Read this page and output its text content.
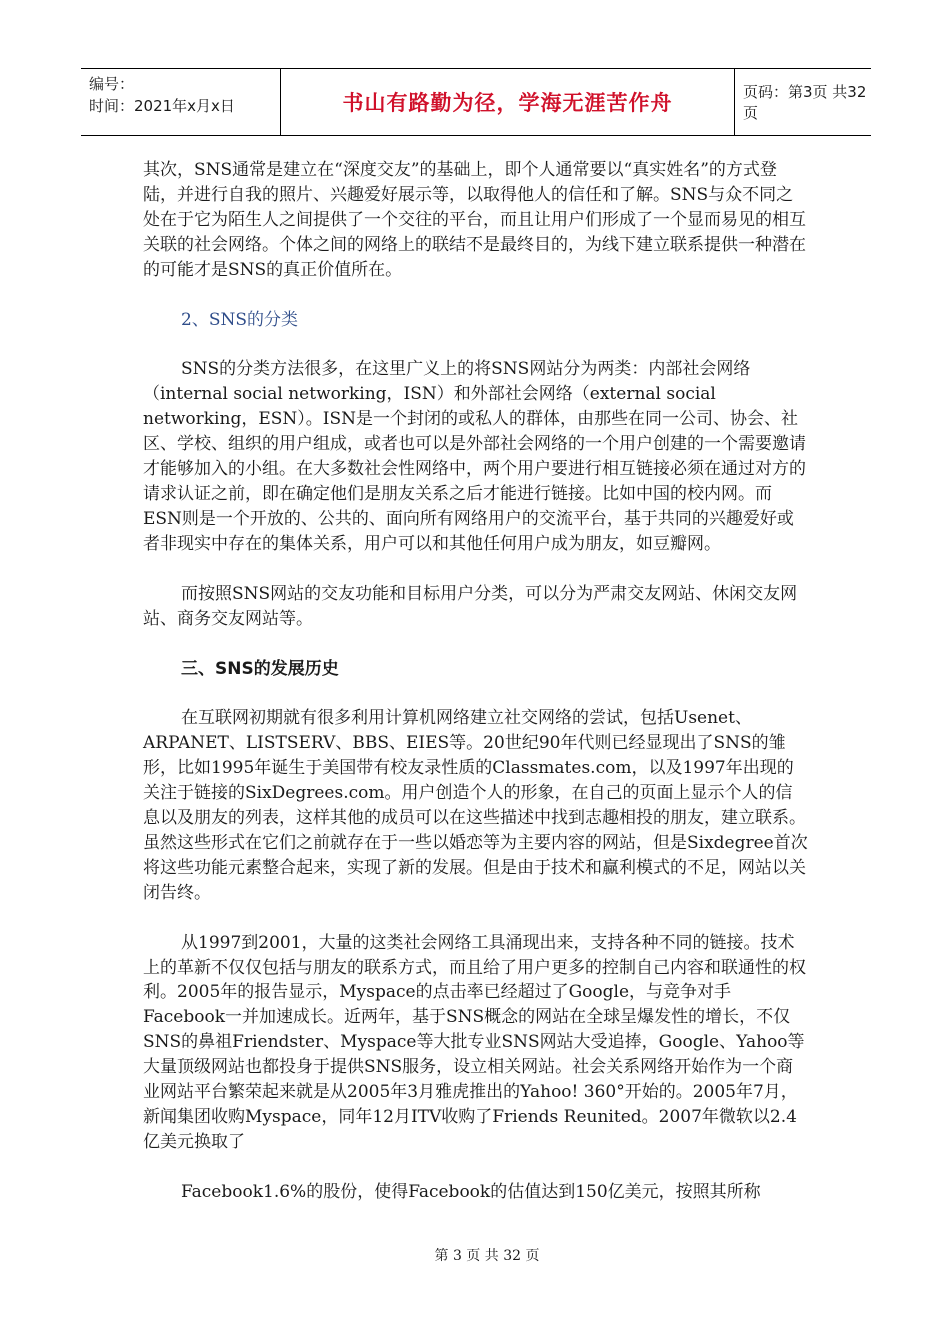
编号：
时间：2021年x月x日	书山有路勤为径，学海无涯苦作舟	页码：第3页 共32页

其次，SNS通常是建立在“深度交友”的基础上，即个人通常要以“真实姓名”的方式登陆，并进行自我的照片、兴趣爱好展示等，以取得他人的信任和了解。SNS与众不同之处在于它为陌生人之间提供了一个交往的平台，而且让用户们形成了一个显而易见的相互关联的社会网络。个体之间的网络上的联结不是最终目的，为线下建立联系提供一种潜在的可能才是SNS的真正价值所在。

2、SNS的分类

SNS的分类方法很多，在这里广义上的将SNS网站分为两类：内部社会网络（internal social networking，ISN）和外部社会网络（external social networking，ESN）。ISN是一个封闭的或私人的群体，由那些在同一公司、协会、社区、学校、组织的用户组成，或者也可以是外部社会网络的一个用户创建的一个需要邀请才能够加入的小组。在大多数社会性网络中，两个用户要进行相互链接必须在通过对方的请求认证之前，即在确定他们是朋友关系之后才能进行链接。比如中国的校内网。而ESN则是一个开放的、公共的、面向所有网络用户的交流平台，基于共同的兴趣爱好或者非现实中存在的集体关系，用户可以和其他任何用户成为朋友，如豆瓣网。

而按照SNS网站的交友功能和目标用户分类，可以分为严肃交友网站、休闲交友网站、商务交友网站等。

三、SNS的发展历史

在互联网初期就有很多利用计算机网络建立社交网络的尝试，包括Usenet、ARPANET、LISTSERV、BBS、EIES等。20世纪90年代则已经显现出了SNS的雏形，比如1995年诞生于美国带有校友录性质的Classmates.com，以及1997年出现的关注于链接的SixDegrees.com。用户创造个人的形象，在自己的页面上显示个人的信息以及朋友的列表，这样其他的成员可以在这些描述中找到志趣相投的朋友，建立联系。虽然这些形式在它们之前就存在于一些以婚恋等为主要内容的网站，但是Sixdegree首次将这些功能元素整合起来，实现了新的发展。但是由于技术和赢利模式的不足，网站以关闭告终。

从1997到2001，大量的这类社会网络工具涌现出来，支持各种不同的链接。技术上的革新不仅仅包括与朋友的联系方式，而且给了用户更多的控制自己内容和联通性的权利。2005年的报告显示，Myspace的点击率已经超过了Google，与竞争对手Facebook一并加速成长。近两年，基于SNS概念的网站在全球呈爆发性的增长，不仅SNS的鼻祖Friendster、Myspace等大批专业SNS网站大受追捧，Google、Yahoo等大量顶级网站也都投身于提供SNS服务，设立相关网站。社会关系网络开始作为一个商业网站平台繁荣起来就是从2005年3月雅虎推出的Yahoo! 360°开始的。2005年7月，新闻集团收购Myspace，同年12月ITV收购了Friends Reunited。2007年微软以2.4亿美元换取了

Facebook1.6%的股份，使得Facebook的估值达到150亿美元，按照其所称

第 3 页 共 32 页
